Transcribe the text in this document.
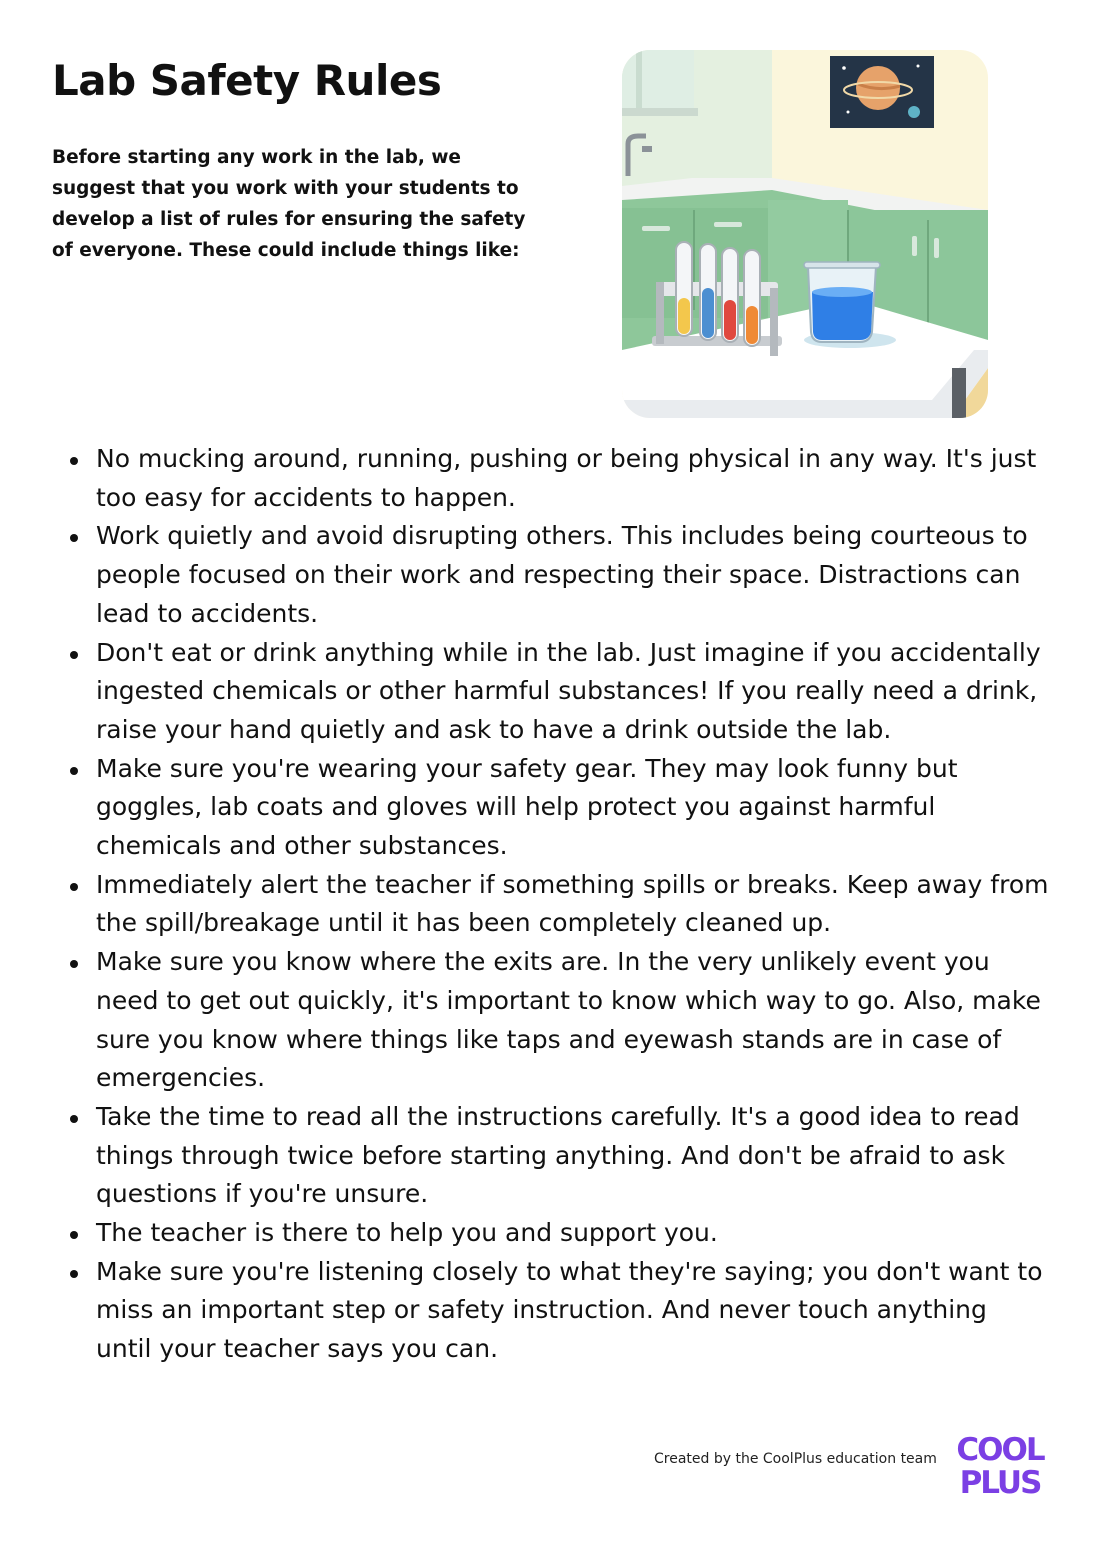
Lab Safety Rules

Before starting any work in the lab, we suggest that you work with your students to develop a list of rules for ensuring the safety of everyone. These could include things like:

No mucking around, running, pushing or being physical in any way. It's just too easy for accidents to happen.
Work quietly and avoid disrupting others. This includes being courteous to people focused on their work and respecting their space. Distractions can lead to accidents.
Don't eat or drink anything while in the lab. Just imagine if you accidentally ingested chemicals or other harmful substances! If you really need a drink, raise your hand quietly and ask to have a drink outside the lab.
Make sure you're wearing your safety gear. They may look funny but goggles, lab coats and gloves will help protect you against harmful chemicals and other substances.
Immediately alert the teacher if something spills or breaks. Keep away from the spill/breakage until it has been completely cleaned up.
Make sure you know where the exits are. In the very unlikely event you need to get out quickly, it's important to know which way to go. Also, make sure you know where things like taps and eyewash stands are in case of emergencies.
Take the time to read all the instructions carefully. It's a good idea to read things through twice before starting anything. And don't be afraid to ask questions if you're unsure.
The teacher is there to help you and support you.
Make sure you're listening closely to what they're saying; you don't want to miss an important step or safety instruction. And never touch anything until your teacher says you can.
Created by the CoolPlus education team COOL
PLUS
